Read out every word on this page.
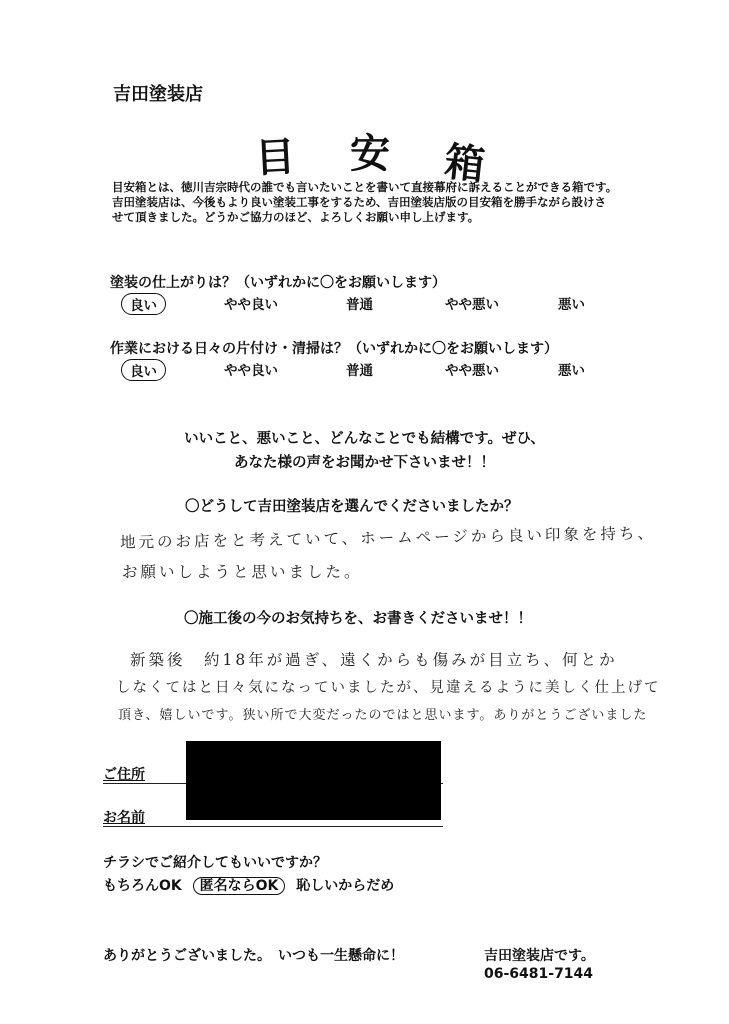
吉田塗装店
目 安 箱
目安箱とは、徳川吉宗時代の誰でも言いたいことを書いて直接幕府に訴えることができる箱です。
吉田塗装店は、今後もより良い塗装工事をするため、吉田塗装店版の目安箱を勝手ながら設けさ
せて頂きました。どうかご協力のほど、よろしくお願い申し上げます。
塗装の仕上がりは？（いずれかに〇をお願いします）
良い	やや良い	普通	やや悪い	悪い
作業における日々の片付け・清掃は？（いずれかに〇をお願いします）
良い	やや良い	普通	やや悪い	悪い
いいこと、悪いこと、どんなことでも結構です。ぜひ、
あなた様の声をお聞かせ下さいませ！！
〇どうして吉田塗装店を選んでくださいましたか？
地元のお店をと考えていて、ホームページから良い印象を持ち、
お願いしようと思いました。
〇施工後の今のお気持ちを、お書きくださいませ！！
新築後　約18年が過ぎ、遠くからも傷みが目立ち、何とか
しなくてはと日々気になっていましたが、見違えるように美しく仕上げて
頂き、嬉しいです。狭い所で大変だったのではと思います。ありがとうございました
ご住所
お名前
チラシでご紹介してもいいですか？
もちろんOK 匿名ならOK 恥しいからだめ
ありがとうございました。　いつも一生懸命に！	吉田塗装店です。
06-6481-7144
